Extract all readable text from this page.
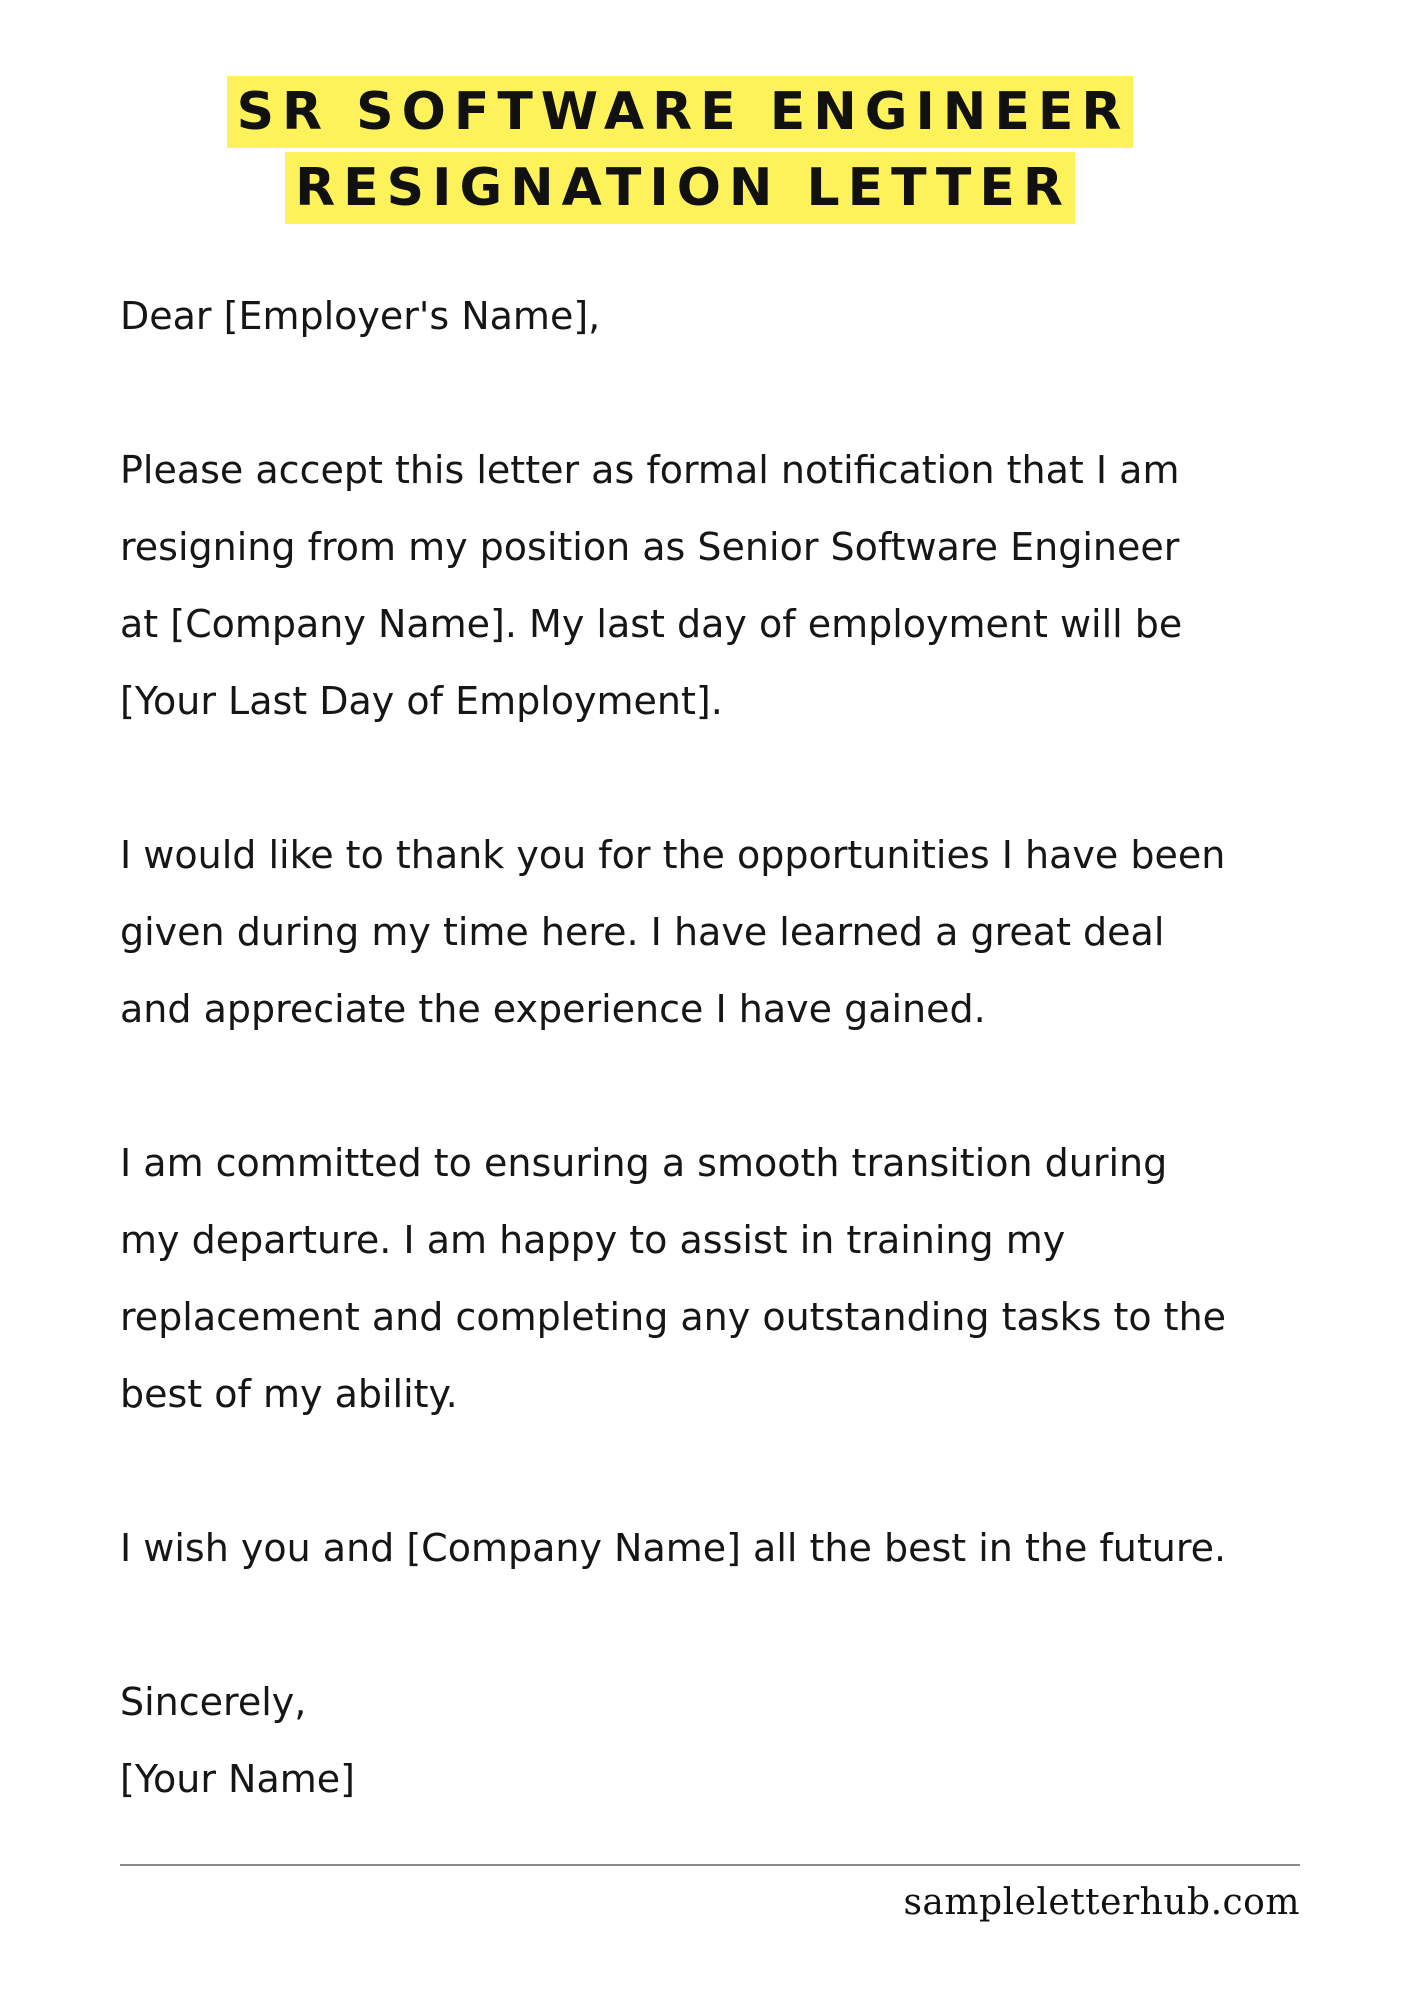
SR SOFTWARE ENGINEER
RESIGNATION LETTER
Dear [Employer's Name],
Please accept this letter as formal notification that I am
resigning from my position as Senior Software Engineer
at [Company Name]. My last day of employment will be
[Your Last Day of Employment].
I would like to thank you for the opportunities I have been
given during my time here. I have learned a great deal
and appreciate the experience I have gained.
I am committed to ensuring a smooth transition during
my departure. I am happy to assist in training my
replacement and completing any outstanding tasks to the
best of my ability.
I wish you and [Company Name] all the best in the future.
Sincerely,
[Your Name]
sampleletterhub.com
